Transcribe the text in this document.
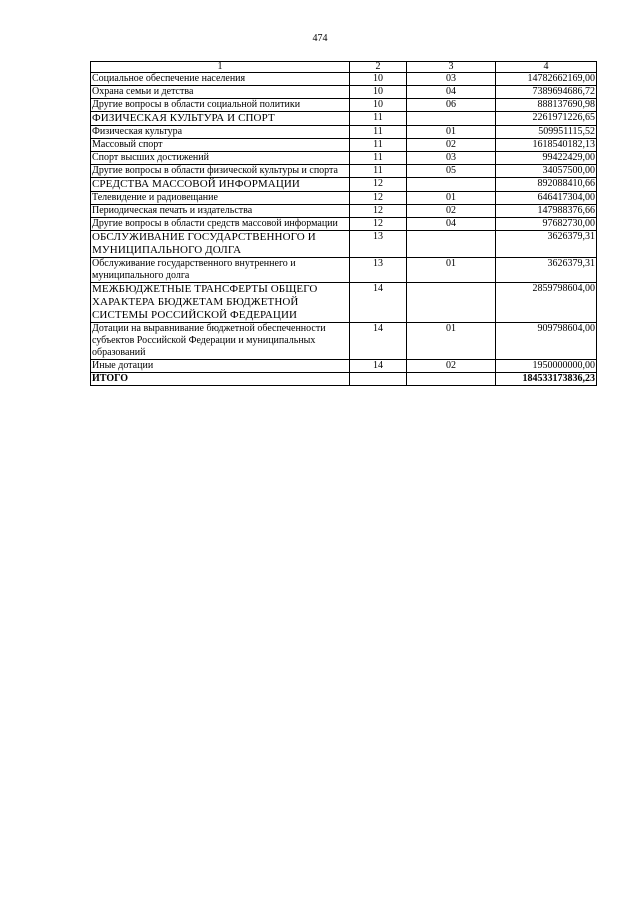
474
1	2	3	4
Социальное обеспечение населения	10	03	14782662169,00
Охрана семьи и детства	10	04	7389694686,72
Другие вопросы в области социальной политики	10	06	888137690,98
ФИЗИЧЕСКАЯ КУЛЬТУРА И СПОРТ	11		2261971226,65
Физическая культура	11	01	509951115,52
Массовый спорт	11	02	1618540182,13
Спорт высших достижений	11	03	99422429,00
Другие вопросы в области физической культуры и спорта	11	05	34057500,00
СРЕДСТВА МАССОВОЙ ИНФОРМАЦИИ	12		892088410,66
Телевидение и радиовещание	12	01	646417304,00
Периодическая печать и издательства	12	02	147988376,66
Другие вопросы в области средств массовой информации	12	04	97682730,00
ОБСЛУЖИВАНИЕ ГОСУДАРСТВЕННОГО И МУНИЦИПАЛЬНОГО ДОЛГА	13		3626379,31
Обслуживание государственного внутреннего и муниципального долга	13	01	3626379,31
МЕЖБЮДЖЕТНЫЕ ТРАНСФЕРТЫ ОБЩЕГО ХАРАКТЕРА БЮДЖЕТАМ БЮДЖЕТНОЙ СИСТЕМЫ РОССИЙСКОЙ ФЕДЕРАЦИИ	14		2859798604,00
Дотации на выравнивание бюджетной обеспеченности субъектов Российской Федерации и муниципальных образований	14	01	909798604,00
Иные дотации	14	02	1950000000,00
ИТОГО			184533173836,23
